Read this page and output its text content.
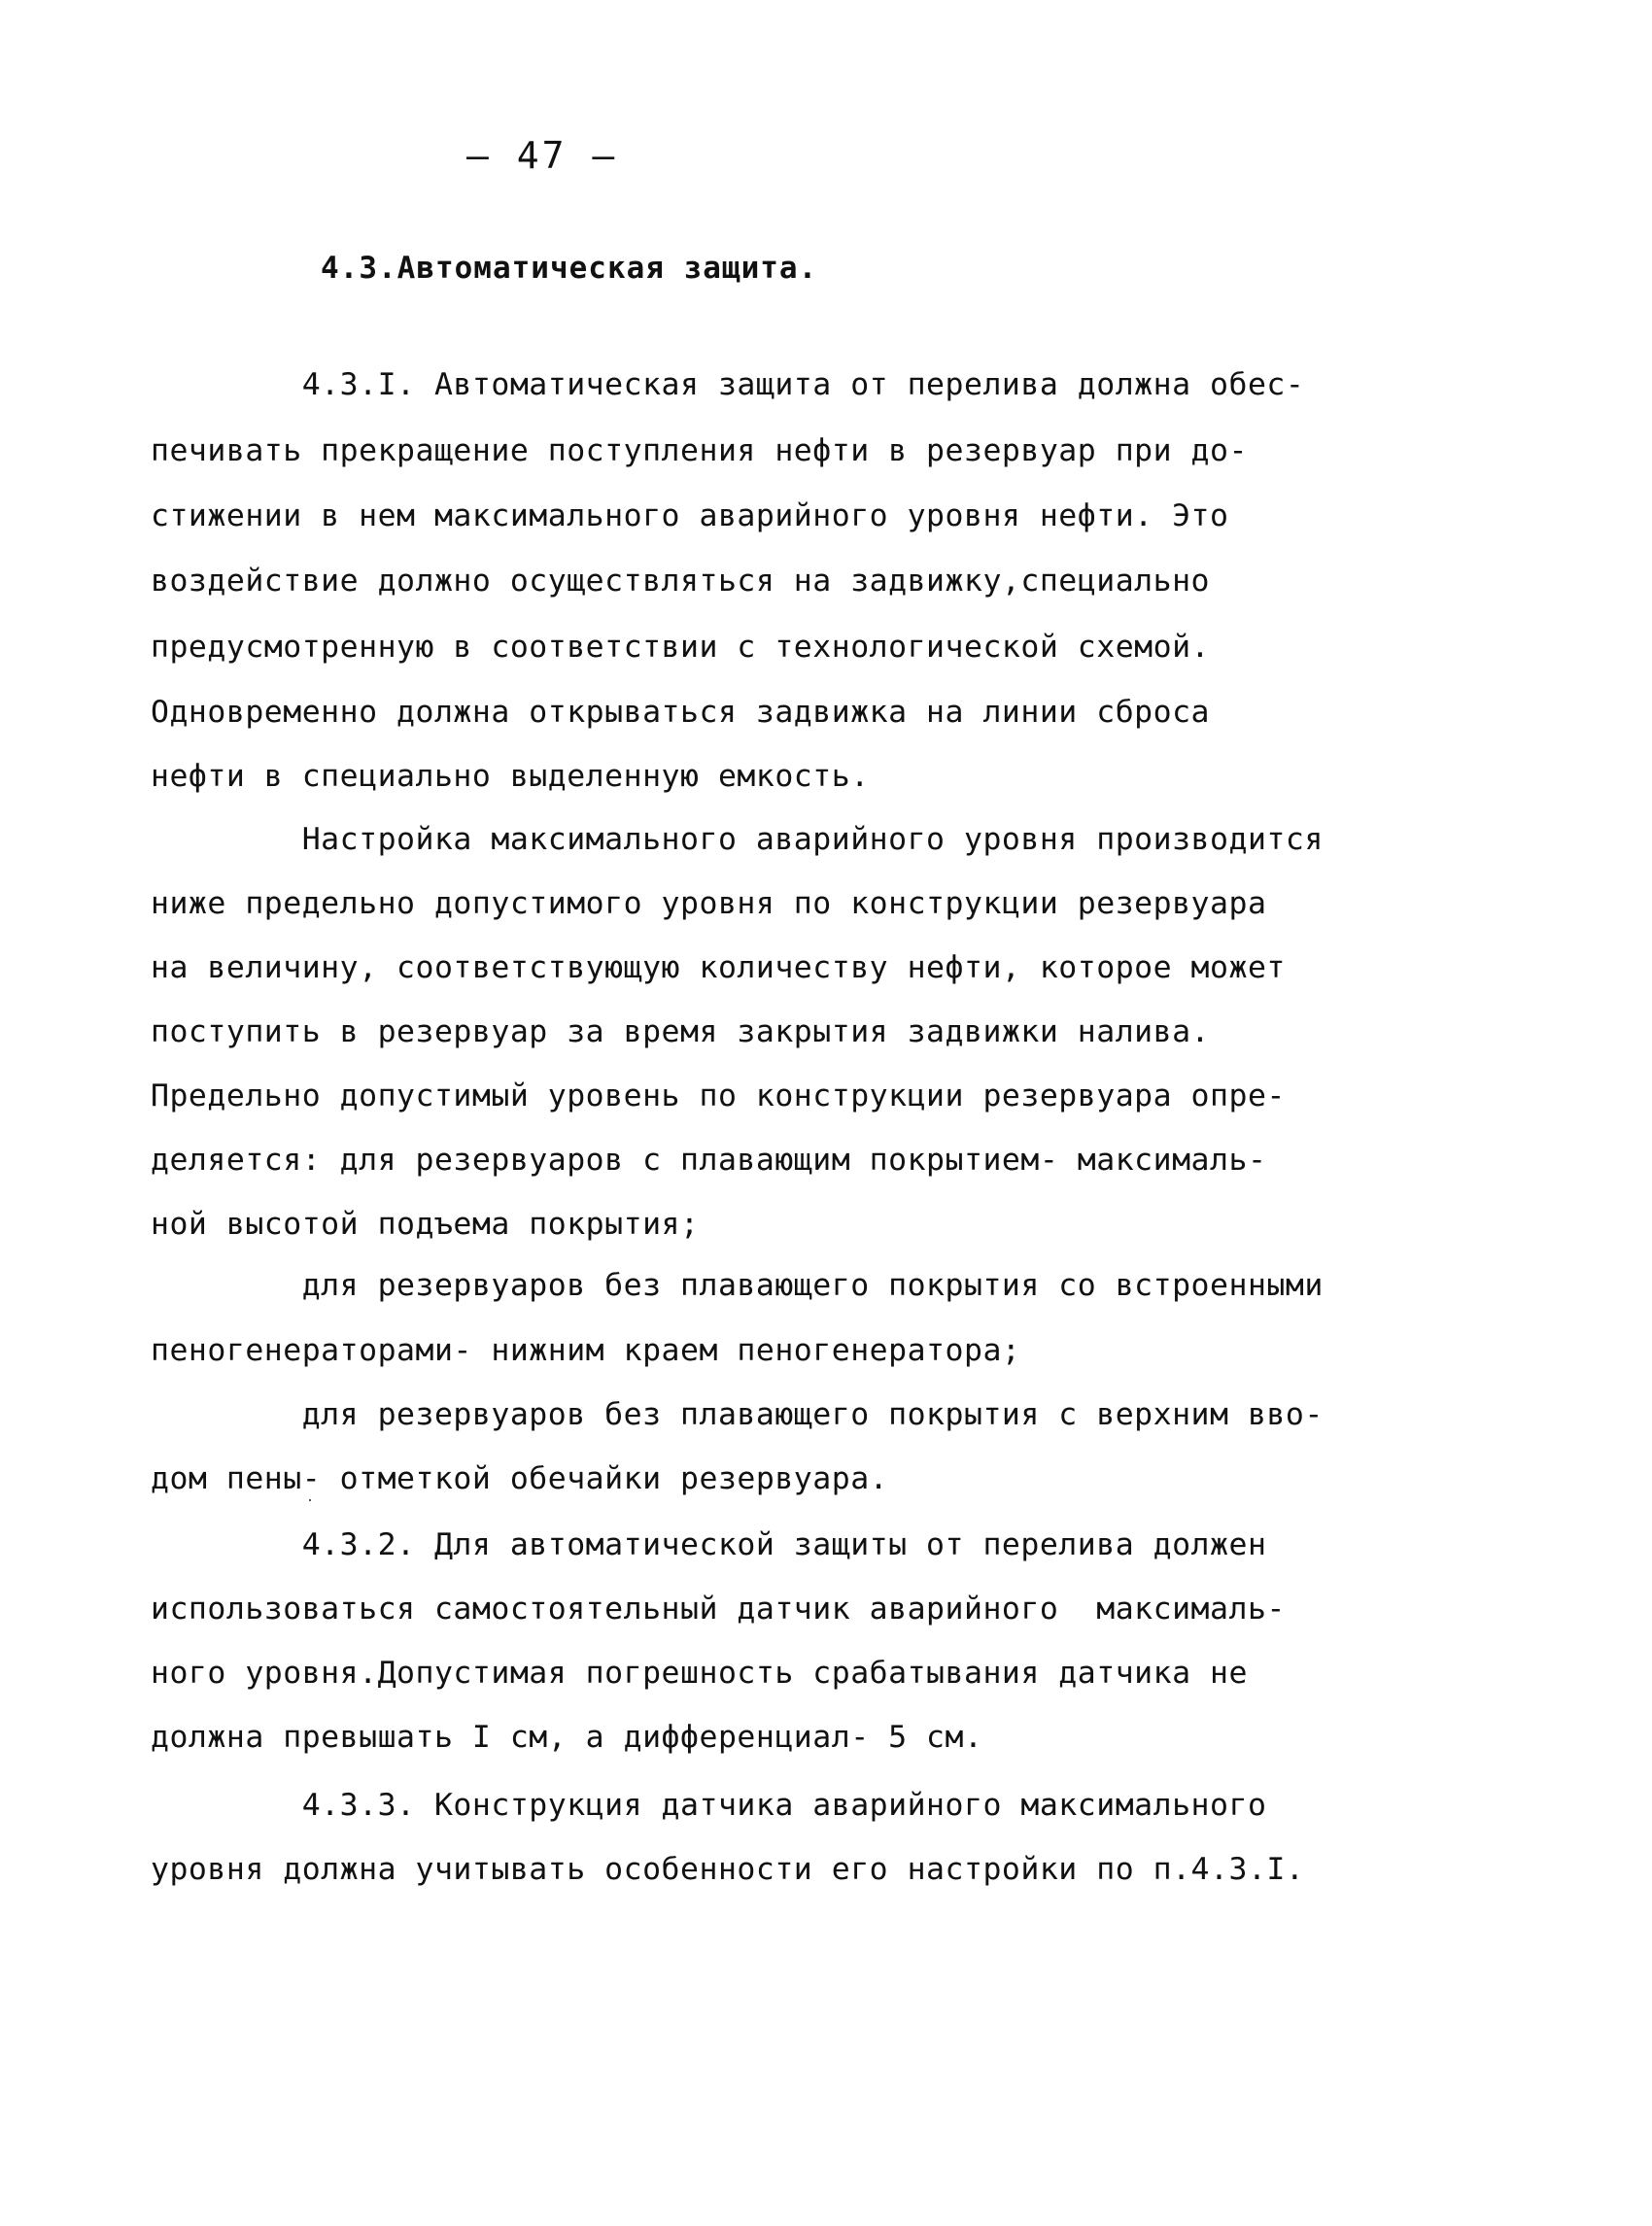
– 47 –
4.3.Автоматическая защита.
4.3.I. Автоматическая защита от перелива должна обес-
печивать прекращение поступления нефти в резервуар при до-
стижении в нем максимального аварийного уровня нефти. Это
воздействие должно осуществляться на задвижку,специально
предусмотренную в соответствии с технологической схемой.
Одновременно должна открываться задвижка на линии сброса
нефти в специально выделенную емкость.
Настройка максимального аварийного уровня производится
ниже предельно допустимого уровня по конструкции резервуара
на величину, соответствующую количеству нефти, которое может
поступить в резервуар за время закрытия задвижки налива.
Предельно допустимый уровень по конструкции резервуара опре-
деляется: для резервуаров с плавающим покрытием- максималь-
ной высотой подъема покрытия;
для резервуаров без плавающего покрытия со встроенными
пеногенераторами- нижним краем пеногенератора;
для резервуаров без плавающего покрытия с верхним вво-
дом пены- отметкой обечайки резервуара.
4.3.2. Для автоматической защиты от перелива должен
использоваться самостоятельный датчик аварийного  максималь-
ного уровня.Допустимая погрешность срабатывания датчика не
должна превышать I см, а дифференциал- 5 см.
4.3.3. Конструкция датчика аварийного максимального
уровня должна учитывать особенности его настройки по п.4.3.I.
